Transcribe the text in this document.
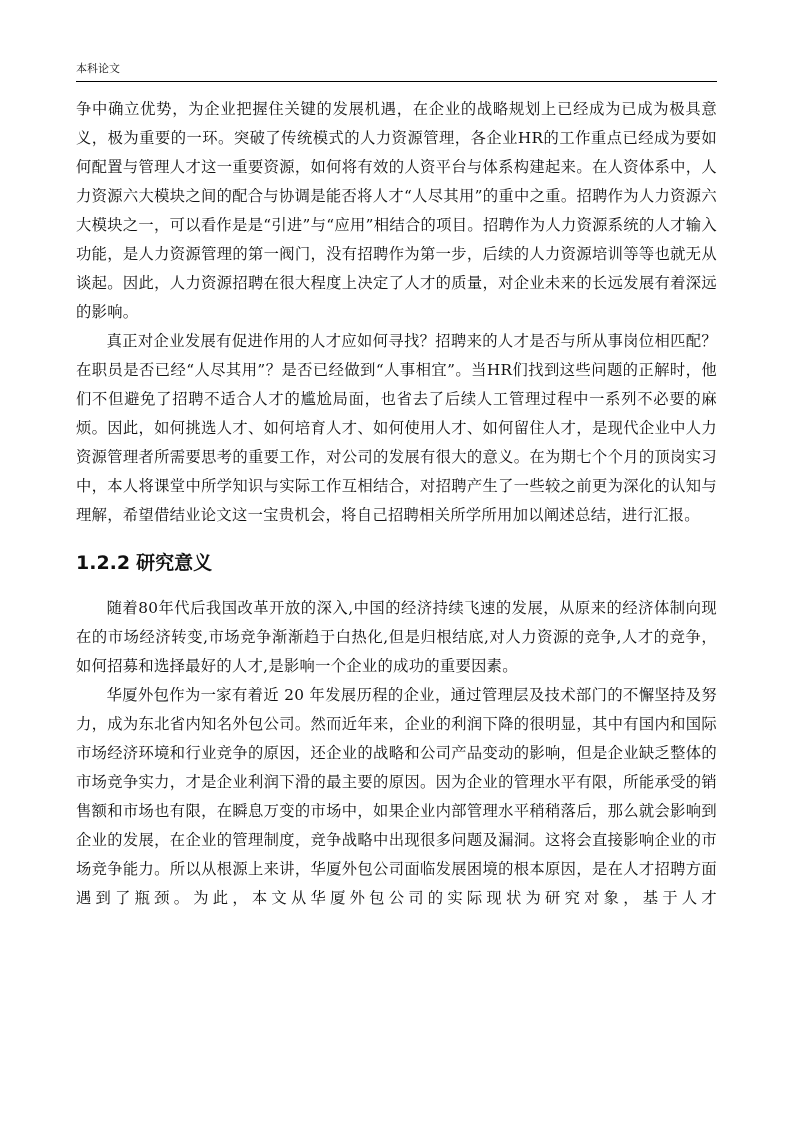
本科论文

争中确立优势，为企业把握住关键的发展机遇，在企业的战略规划上已经成为已成为极具意义，极为重要的一环。突破了传统模式的人力资源管理，各企业HR的工作重点已经成为要如何配置与管理人才这一重要资源，如何将有效的人资平台与体系构建起来。在人资体系中，人力资源六大模块之间的配合与协调是能否将人才“人尽其用”的重中之重。招聘作为人力资源六大模块之一，可以看作是是“引进”与“应用”相结合的项目。招聘作为人力资源系统的人才输入功能，是人力资源管理的第一阀门，没有招聘作为第一步，后续的人力资源培训等等也就无从谈起。因此，人力资源招聘在很大程度上决定了人才的质量，对企业未来的长远发展有着深远的影响。

真正对企业发展有促进作用的人才应如何寻找？招聘来的人才是否与所从事岗位相匹配？在职员是否已经“人尽其用”？是否已经做到“人事相宜”。当HR们找到这些问题的正解时，他们不但避免了招聘不适合人才的尴尬局面，也省去了后续人工管理过程中一系列不必要的麻烦。因此，如何挑选人才、如何培育人才、如何使用人才、如何留住人才，是现代企业中人力资源管理者所需要思考的重要工作，对公司的发展有很大的意义。在为期七个个月的顶岗实习中，本人将课堂中所学知识与实际工作互相结合，对招聘产生了一些较之前更为深化的认知与理解，希望借结业论文这一宝贵机会，将自己招聘相关所学所用加以阐述总结，进行汇报。

1.2.2 研究意义

随着80年代后我国改革开放的深入,中国的经济持续飞速的发展，从原来的经济体制向现在的市场经济转变,市场竞争渐渐趋于白热化,但是归根结底,对人力资源的竞争,人才的竞争，如何招募和选择最好的人才,是影响一个企业的成功的重要因素。

华厦外包作为一家有着近 20 年发展历程的企业，通过管理层及技术部门的不懈坚持及努力，成为东北省内知名外包公司。然而近年来，企业的利润下降的很明显，其中有国内和国际市场经济环境和行业竞争的原因，还企业的战略和公司产品变动的影响，但是企业缺乏整体的市场竞争实力，才是企业利润下滑的最主要的原因。因为企业的管理水平有限，所能承受的销售额和市场也有限，在瞬息万变的市场中，如果企业内部管理水平稍稍落后，那么就会影响到企业的发展，在企业的管理制度，竞争战略中出现很多问题及漏洞。这将会直接影响企业的市场竞争能力。所以从根源上来讲，华厦外包公司面临发展困境的根本原因，是在人才招聘方面遇到了瓶颈。为此，本文从华厦外包公司的实际现状为研究对象，基于人才
